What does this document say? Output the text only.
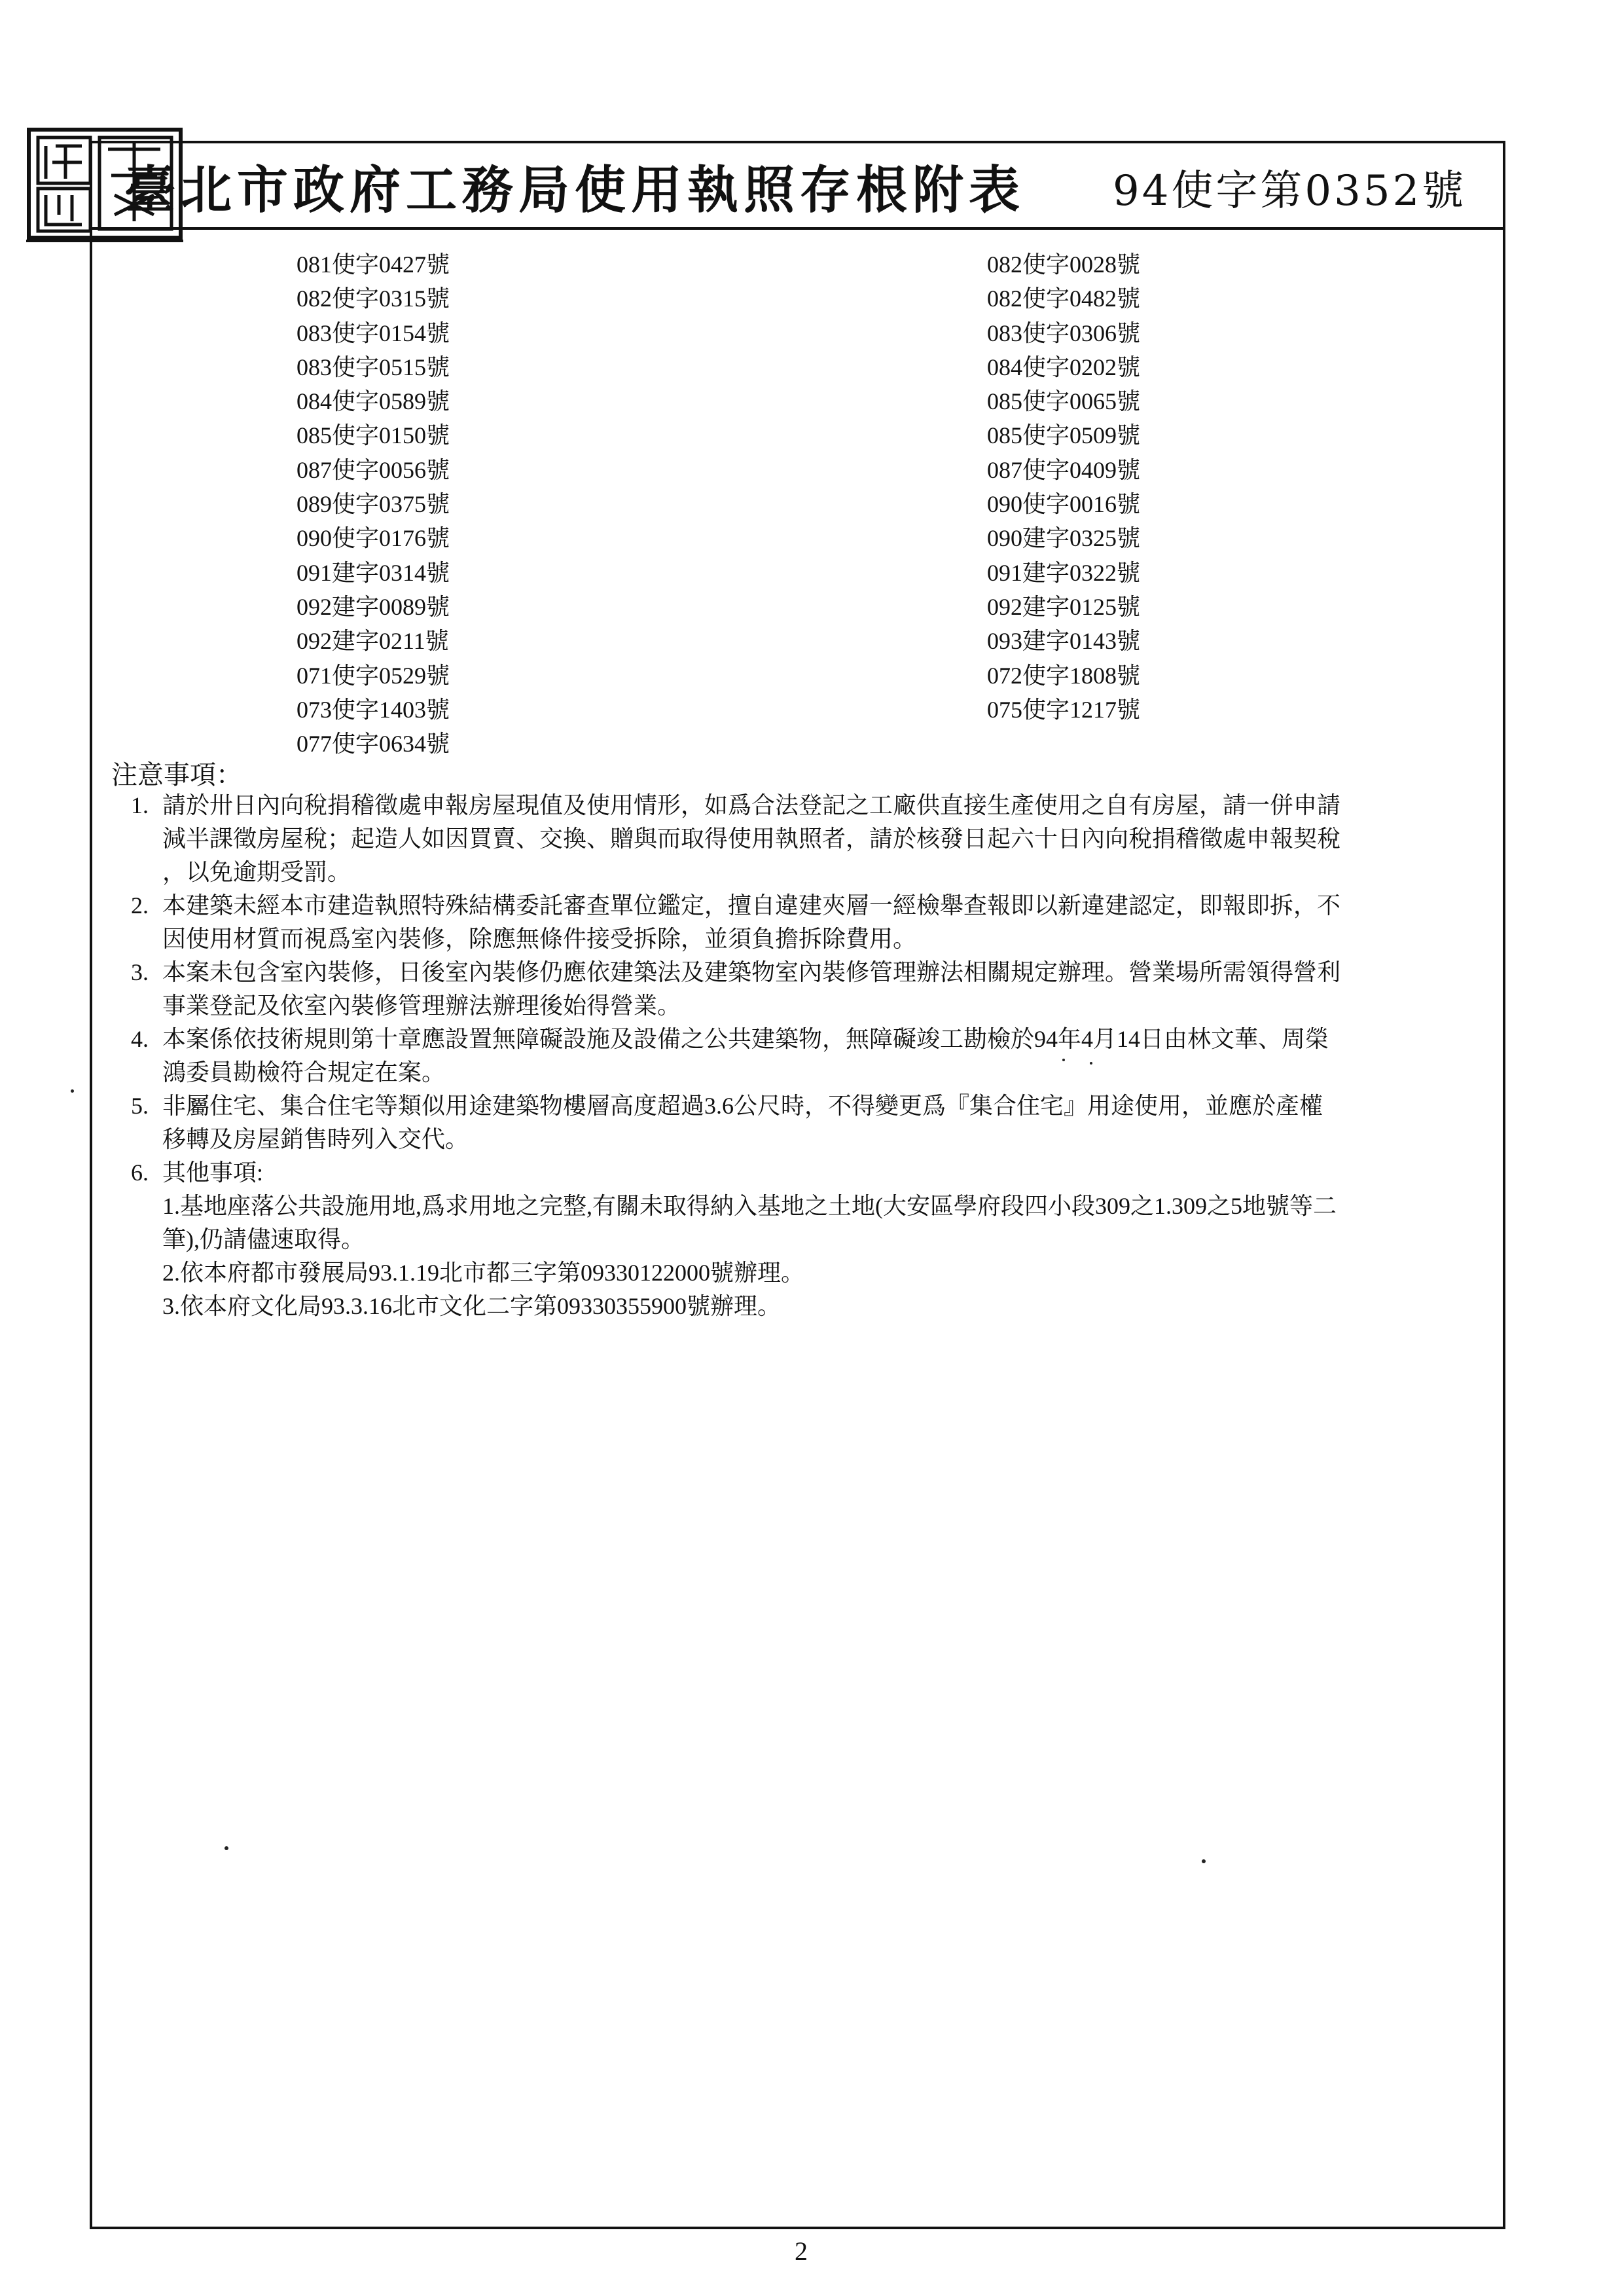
臺北市政府工務局使用執照存根附表 94使字第0352號
081使字0427號
082使字0315號
083使字0154號
083使字0515號
084使字0589號
085使字0150號
087使字0056號
089使字0375號
090使字0176號
091建字0314號
092建字0089號
092建字0211號
071使字0529號
073使字1403號
077使字0634號
082使字0028號
082使字0482號
083使字0306號
084使字0202號
085使字0065號
085使字0509號
087使字0409號
090使字0016號
090建字0325號
091建字0322號
092建字0125號
093建字0143號
072使字1808號
075使字1217號
注意事項：
1. 請於卅日內向稅捐稽徵處申報房屋現值及使用情形，如爲合法登記之工廠供直接生產使用之自有房屋，請一併申請
減半課徵房屋稅；起造人如因買賣、交換、贈與而取得使用執照者，請於核發日起六十日內向稅捐稽徵處申報契稅
，以免逾期受罰。
2. 本建築未經本市建造執照特殊結構委託審查單位鑑定，擅自違建夾層一經檢舉查報即以新違建認定，即報即拆，不
因使用材質而視爲室內裝修，除應無條件接受拆除，並須負擔拆除費用。
3. 本案未包含室內裝修，日後室內裝修仍應依建築法及建築物室內裝修管理辦法相關規定辦理。營業場所需領得營利
事業登記及依室內裝修管理辦法辦理後始得營業。
4. 本案係依技術規則第十章應設置無障礙設施及設備之公共建築物，無障礙竣工勘檢於94年4月14日由林文華、周榮
鴻委員勘檢符合規定在案。
5. 非屬住宅、集合住宅等類似用途建築物樓層高度超過3.6公尺時，不得變更爲『集合住宅』用途使用，並應於產權
移轉及房屋銷售時列入交代。
6. 其他事項:
1.基地座落公共設施用地,爲求用地之完整,有關未取得納入基地之土地(大安區學府段四小段309之1.309之5地號等二
筆),仍請儘速取得。
2.依本府都市發展局93.1.19北市都三字第09330122000號辦理。
3.依本府文化局93.3.16北市文化二字第09330355900號辦理。
2
